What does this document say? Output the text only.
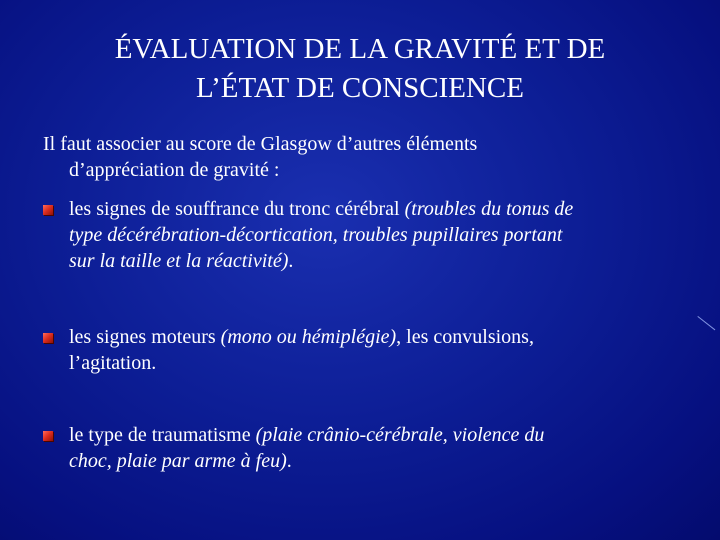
ÉVALUATION DE LA GRAVITÉ ET DE
L’ÉTAT DE CONSCIENCE
Il faut associer au score de Glasgow d’autres éléments
d’appréciation de gravité :
les signes de souffrance du tronc cérébral (troubles du tonus de
type décérébration-décortication, troubles pupillaires portant
sur la taille et la réactivité).
les signes moteurs (mono ou hémiplégie), les convulsions,
l’agitation.
le type de traumatisme (plaie crânio-cérébrale, violence du
choc, plaie par arme à feu).
